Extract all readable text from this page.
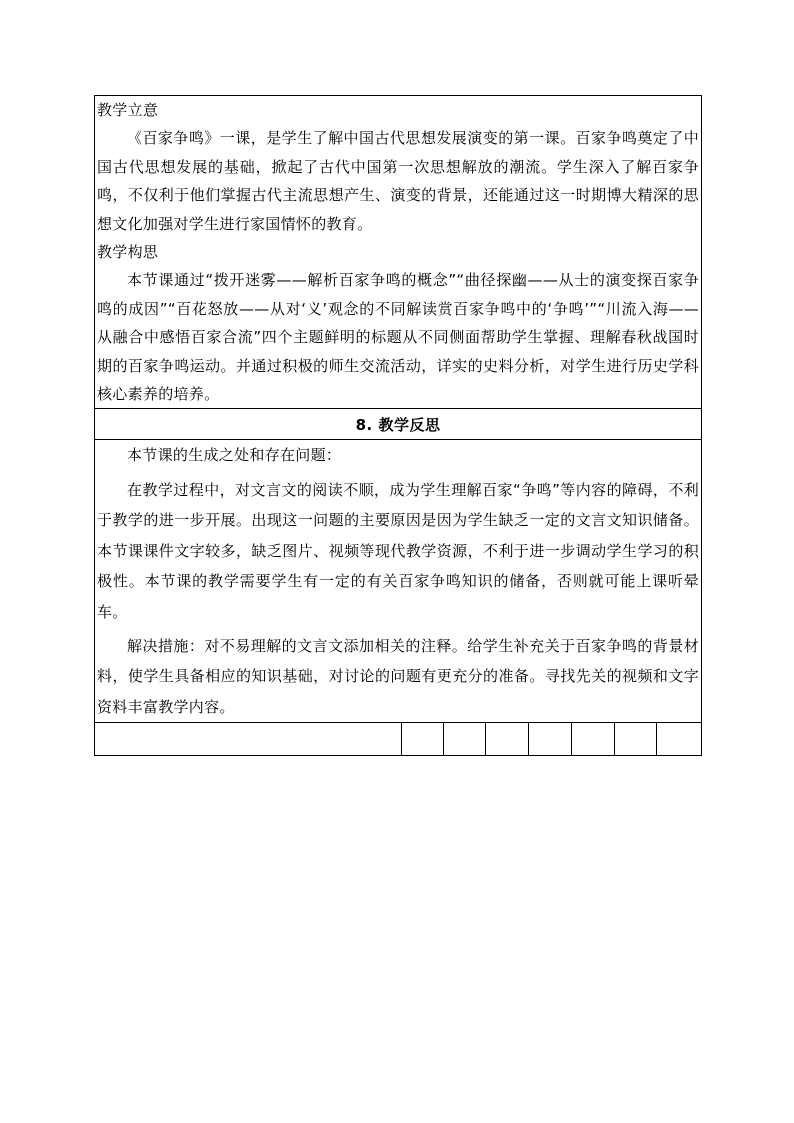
教学立意

《百家争鸣》一课，是学生了解中国古代思想发展演变的第一课。百家争鸣奠定了中国古代思想发展的基础，掀起了古代中国第一次思想解放的潮流。学生深入了解百家争鸣，不仅利于他们掌握古代主流思想产生、演变的背景，还能通过这一时期博大精深的思想文化加强对学生进行家国情怀的教育。

教学构思

本节课通过“拨开迷雾——解析百家争鸣的概念”“曲径探幽——从士的演变探百家争鸣的成因”“百花怒放——从对‘义’观念的不同解读赏百家争鸣中的‘争鸣’”“川流入海——从融合中感悟百家合流”四个主题鲜明的标题从不同侧面帮助学生掌握、理解春秋战国时期的百家争鸣运动。并通过积极的师生交流活动，详实的史料分析，对学生进行历史学科核心素养的培养。

8. 教学反思

本节课的生成之处和存在问题：

在教学过程中，对文言文的阅读不顺，成为学生理解百家“争鸣”等内容的障碍，不利于教学的进一步开展。出现这一问题的主要原因是因为学生缺乏一定的文言文知识储备。本节课课件文字较多，缺乏图片、视频等现代教学资源，不利于进一步调动学生学习的积极性。本节课的教学需要学生有一定的有关百家争鸣知识的储备，否则就可能上课听晕车。

解决措施：对不易理解的文言文添加相关的注释。给学生补充关于百家争鸣的背景材料，使学生具备相应的知识基础，对讨论的问题有更充分的准备。寻找先关的视频和文字资料丰富教学内容。
